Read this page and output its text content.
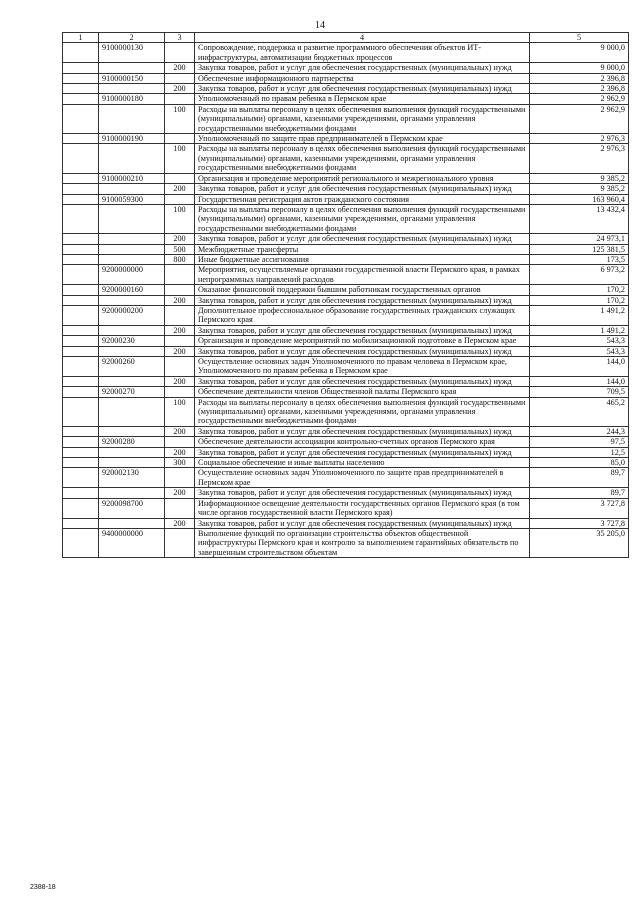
14
1	2	3	4	5
	9100000130		Сопровождение, поддержка и развитие программного обеспечения объектов ИТ-инфраструктуры, автоматизации бюджетных процессов	9 000,0
		200	Закупка товаров, работ и услуг для обеспечения государственных (муниципальных) нужд	9 000,0
	9100000150		Обеспечение информационного партнерства	2 396,8
		200	Закупка товаров, работ и услуг для обеспечения государственных (муниципальных) нужд	2 396,8
	9100000180		Уполномоченный по правам ребенка в Пермском крае	2 962,9
		100	Расходы на выплаты персоналу в целях обеспечения выполнения функций государственными (муниципальными) органами, казенными учреждениями, органами управления государственными внебюджетными фондами	2 962,9
	9100000190		Уполномоченный по защите прав предпринимателей в Пермском крае	2 976,3
		100	Расходы на выплаты персоналу в целях обеспечения выполнения функций государственными (муниципальными) органами, казенными учреждениями, органами управления государственными внебюджетными фондами	2 976,3
	9100000210		Организация и проведение мероприятий регионального и межрегионального уровня	9 385,2
		200	Закупка товаров, работ и услуг для обеспечения государственных (муниципальных) нужд	9 385,2
	9100059300		Государственная регистрация актов гражданского состояния	163 960,4
		100	Расходы на выплаты персоналу в целях обеспечения выполнения функций государственными (муниципальными) органами, казенными учреждениями, органами управления государственными внебюджетными фондами	13 432,4
		200	Закупка товаров, работ и услуг для обеспечения государственных (муниципальных) нужд	24 973,1
		500	Межбюджетные трансферты	125 381,5
		800	Иные бюджетные ассигнования	173,5
	9200000000		Мероприятия, осуществляемые органами государственной власти Пермского края, в рамках непрограммных направлений расходов	6 973,2
	9200000160		Оказание финансовой поддержки бывшим работникам государственных органов	170,2
		200	Закупка товаров, работ и услуг для обеспечения государственных (муниципальных) нужд	170,2
	9200000200		Дополнительное профессиональное образование государственных гражданских служащих Пермского края	1 491,2
		200	Закупка товаров, работ и услуг для обеспечения государственных (муниципальных) нужд	1 491,2
	92000230		Организация и проведение мероприятий по мобилизационной подготовке в Пермском крае	543,3
		200	Закупка товаров, работ и услуг для обеспечения государственных (муниципальных) нужд	543,3
	92000260		Осуществление основных задач Уполномоченного по правам человека в Пермском крае, Уполномоченного по правам ребенка в Пермском крае	144,0
		200	Закупка товаров, работ и услуг для обеспечения государственных (муниципальных) нужд	144,0
	92000270		Обеспечение деятельности членов Общественной палаты Пермского края	709,5
		100	Расходы на выплаты персоналу в целях обеспечения выполнения функций государственными (муниципальными) органами, казенными учреждениями, органами управления государственными внебюджетными фондами	465,2
		200	Закупка товаров, работ и услуг для обеспечения государственных (муниципальных) нужд	244,3
	92000280		Обеспечение деятельности ассоциации контрольно-счетных органов Пермского края	97,5
		200	Закупка товаров, работ и услуг для обеспечения государственных (муниципальных) нужд	12,5
		300	Социальное обеспечение и иные выплаты населению	85,0
	920002130		Осуществление основных задач Уполномоченного по защите прав предпринимателей в Пермском крае	89,7
		200	Закупка товаров, работ и услуг для обеспечения государственных (муниципальных) нужд	89,7
	9200098700		Информационное освещение деятельности государственных органов Пермского края (в том числе органов государственной власти Пермского края)	3 727,8
		200	Закупка товаров, работ и услуг для обеспечения государственных (муниципальных) нужд	3 727,8
	9400000000		Выполнение функций по организации строительства объектов общественной инфраструктуры Пермского края и контролю за выполнением гарантийных обязательств по завершенным строительством объектам	35 205,0
2388-18
